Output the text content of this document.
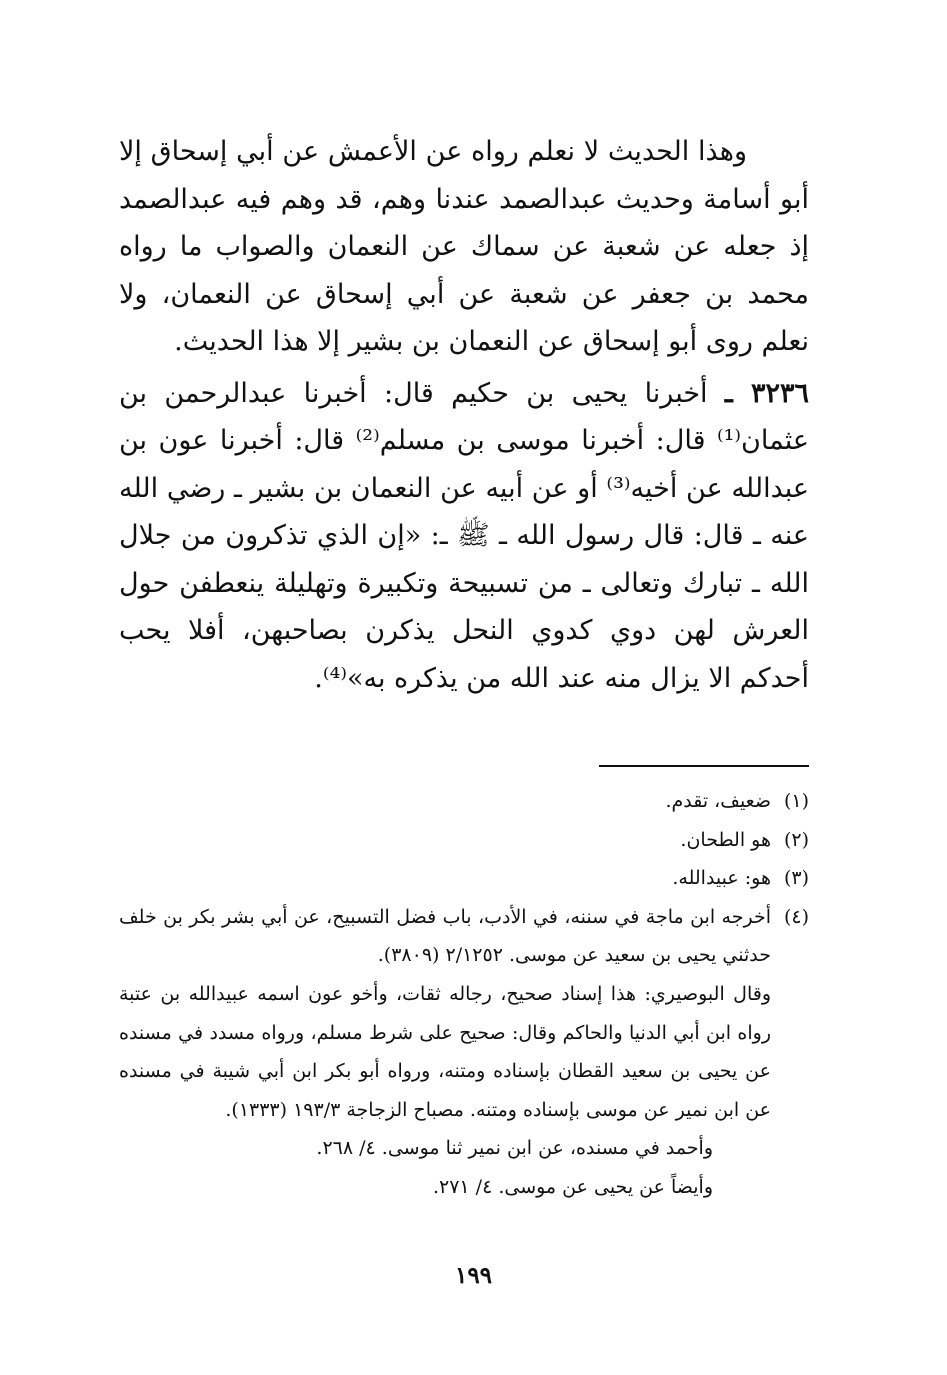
وهذا الحديث لا نعلم رواه عن الأعمش عن أبي إسحاق إلا أبو أسامة وحديث عبدالصمد عندنا وهم، قد وهم فيه عبدالصمد إذ جعله عن شعبة عن سماك عن النعمان والصواب ما رواه محمد بن جعفر عن شعبة عن أبي إسحاق عن النعمان، ولا نعلم روى أبو إسحاق عن النعمان بن بشير إلا هذا الحديث.

٣٢٣٦ ـ أخبرنا يحيى بن حكيم قال: أخبرنا عبدالرحمن بن عثمان⁽¹⁾ قال: أخبرنا موسى بن مسلم⁽²⁾ قال: أخبرنا عون بن عبدالله عن أخيه⁽³⁾ أو عن أبيه عن النعمان بن بشير ـ رضي الله عنه ـ قال: قال رسول الله ـ ﷺ ـ: «إن الذي تذكرون من جلال الله ـ تبارك وتعالى ـ من تسبيحة وتكبيرة وتهليلة ينعطفن حول العرش لهن دوي كدوي النحل يذكرن بصاحبهن، أفلا يحب أحدكم الا يزال منه عند الله من يذكره به»⁽⁴⁾.

(١)

ضعيف، تقدم.

(٢)

هو الطحان.

(٣)

هو: عبيدالله.

(٤)

أخرجه ابن ماجة في سننه، في الأدب، باب فضل التسبيح، عن أبي بشر بكر بن خلف حدثني يحيى بن سعيد عن موسى. ٢/١٢٥٢ (٣٨٠٩).

وقال البوصيري: هذا إسناد صحيح، رجاله ثقات، وأخو عون اسمه عبيدالله بن عتبة رواه ابن أبي الدنيا والحاكم وقال: صحيح على شرط مسلم، ورواه مسدد في مسنده عن يحيى بن سعيد القطان بإسناده ومتنه، ورواه أبو بكر ابن أبي شيبة في مسنده عن ابن نمير عن موسى بإسناده ومتنه. مصباح الزجاجة ١٩٣/٣ (١٣٣٣).

وأحمد في مسنده، عن ابن نمير ثنا موسى. ٤/ ٢٦٨.

وأيضاً عن يحيى عن موسى. ٤/ ٢٧١.

١٩٩
